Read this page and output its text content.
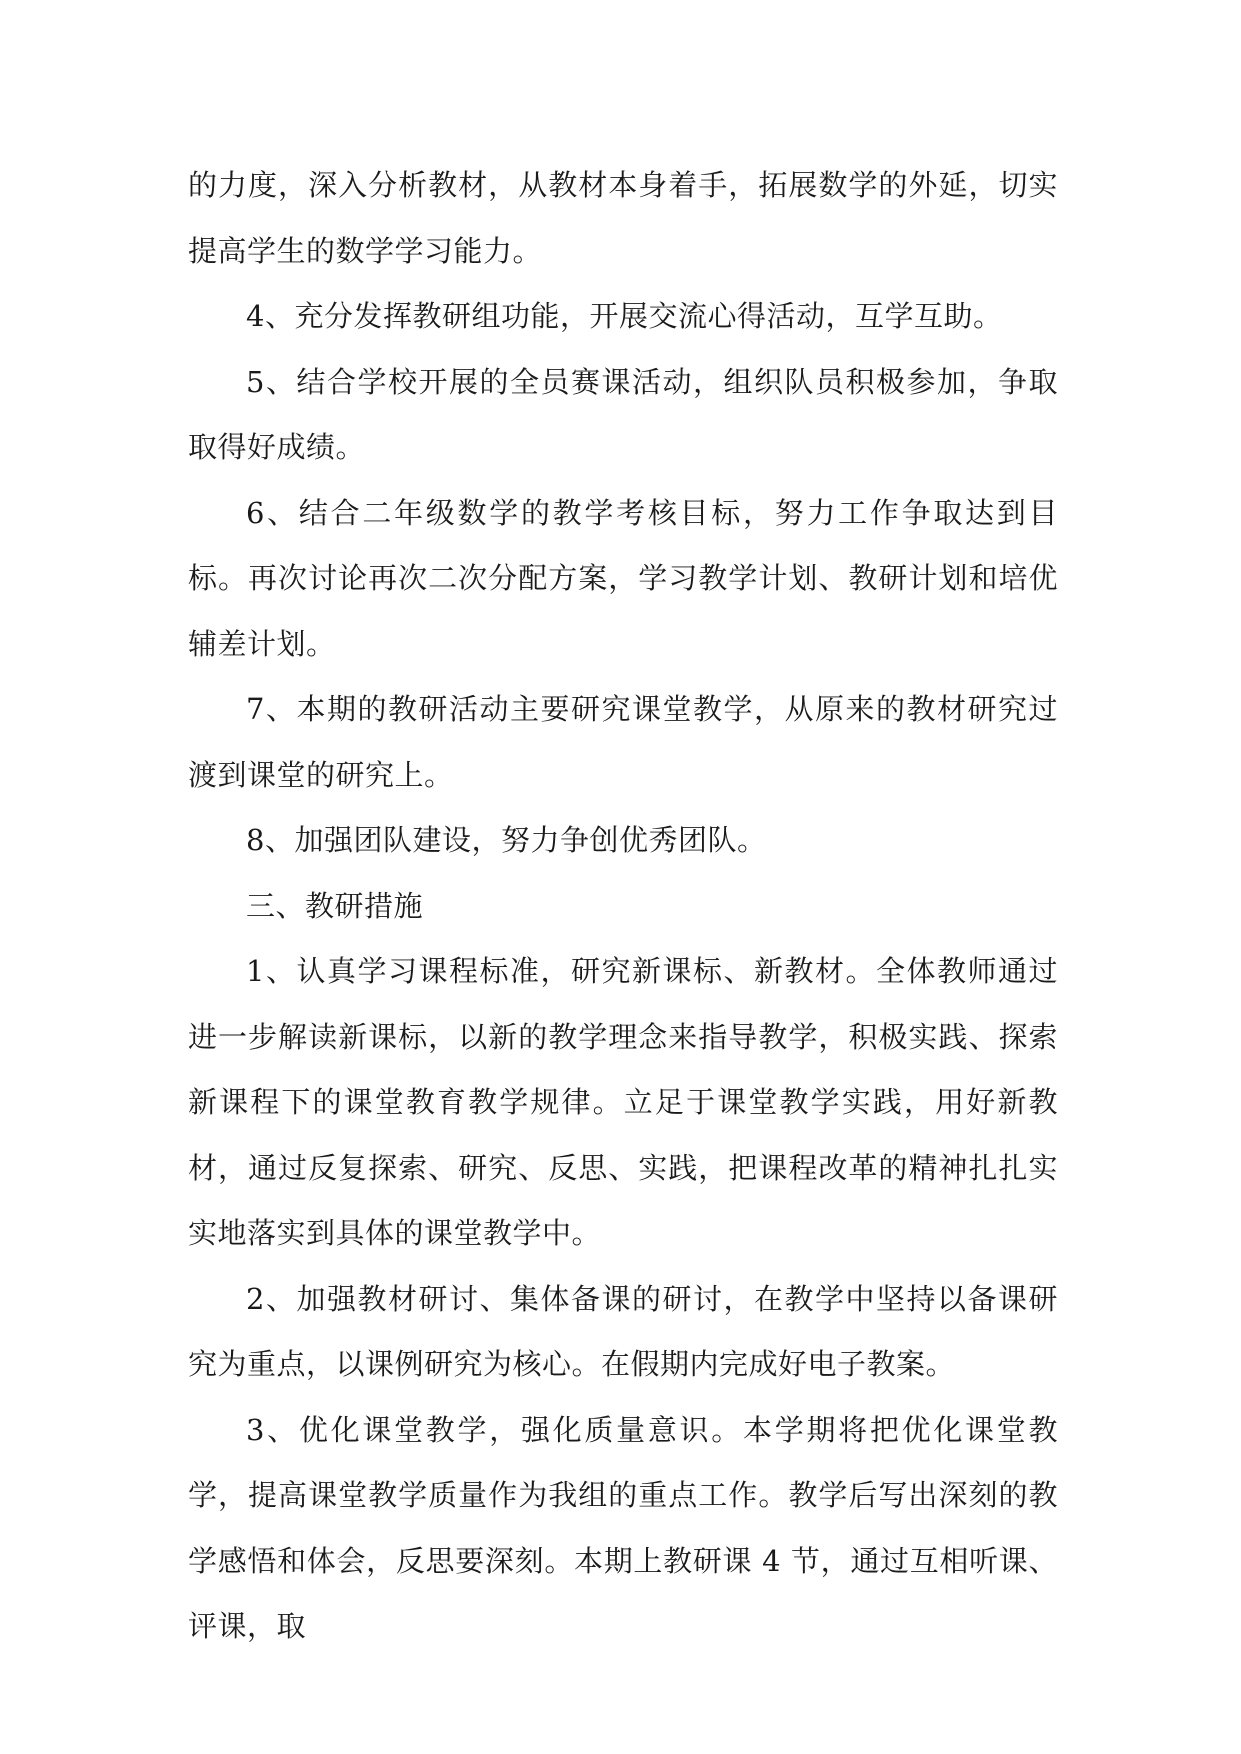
的力度，深入分析教材，从教材本身着手，拓展数学的外延，切实提高学生的数学学习能力。

4、充分发挥教研组功能，开展交流心得活动，互学互助。

5、结合学校开展的全员赛课活动，组织队员积极参加，争取取得好成绩。

6、结合二年级数学的教学考核目标，努力工作争取达到目标。再次讨论再次二次分配方案，学习教学计划、教研计划和培优辅差计划。

7、本期的教研活动主要研究课堂教学，从原来的教材研究过渡到课堂的研究上。

8、加强团队建设，努力争创优秀团队。

三、教研措施

1、认真学习课程标准，研究新课标、新教材。全体教师通过进一步解读新课标，以新的教学理念来指导教学，积极实践、探索新课程下的课堂教育教学规律。立足于课堂教学实践，用好新教材，通过反复探索、研究、反思、实践，把课程改革的精神扎扎实实地落实到具体的课堂教学中。

2、加强教材研讨、集体备课的研讨，在教学中坚持以备课研究为重点，以课例研究为核心。在假期内完成好电子教案。

3、优化课堂教学，强化质量意识。本学期将把优化课堂教学，提高课堂教学质量作为我组的重点工作。教学后写出深刻的教学感悟和体会，反思要深刻。本期上教研课 4 节，通过互相听课、评课，取
